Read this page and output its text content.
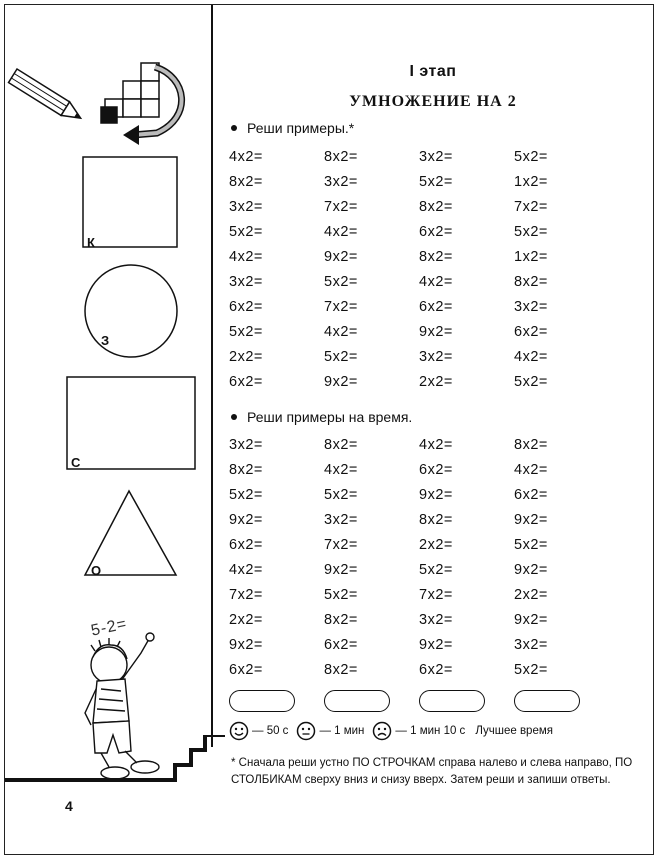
К
З
С
О
5-2=
4
I этап
УМНОЖЕНИЕ НА 2
Реши примеры.*
4x2=	8x2=	3x2=	5x2=
8x2=	3x2=	5x2=	1x2=
3x2=	7x2=	8x2=	7x2=
5x2=	4x2=	6x2=	5x2=
4x2=	9x2=	8x2=	1x2=
3x2=	5x2=	4x2=	8x2=
6x2=	7x2=	6x2=	3x2=
5x2=	4x2=	9x2=	6x2=
2x2=	5x2=	3x2=	4x2=
6x2=	9x2=	2x2=	5x2=
Реши примеры на время.
3x2=	8x2=	4x2=	8x2=
8x2=	4x2=	6x2=	4x2=
5x2=	5x2=	9x2=	6x2=
9x2=	3x2=	8x2=	9x2=
6x2=	7x2=	2x2=	5x2=
4x2=	9x2=	5x2=	9x2=
7x2=	5x2=	7x2=	2x2=
2x2=	8x2=	3x2=	9x2=
9x2=	6x2=	9x2=	3x2=
6x2=	8x2=	6x2=	5x2=
— 50 с	— 1 мин	— 1 мин 10 с Лучшее время
* Сначала реши устно ПО СТРОЧКАМ справа налево и слева направо, ПО СТОЛБИКАМ сверху вниз и снизу вверх. Затем реши и запиши ответы.
